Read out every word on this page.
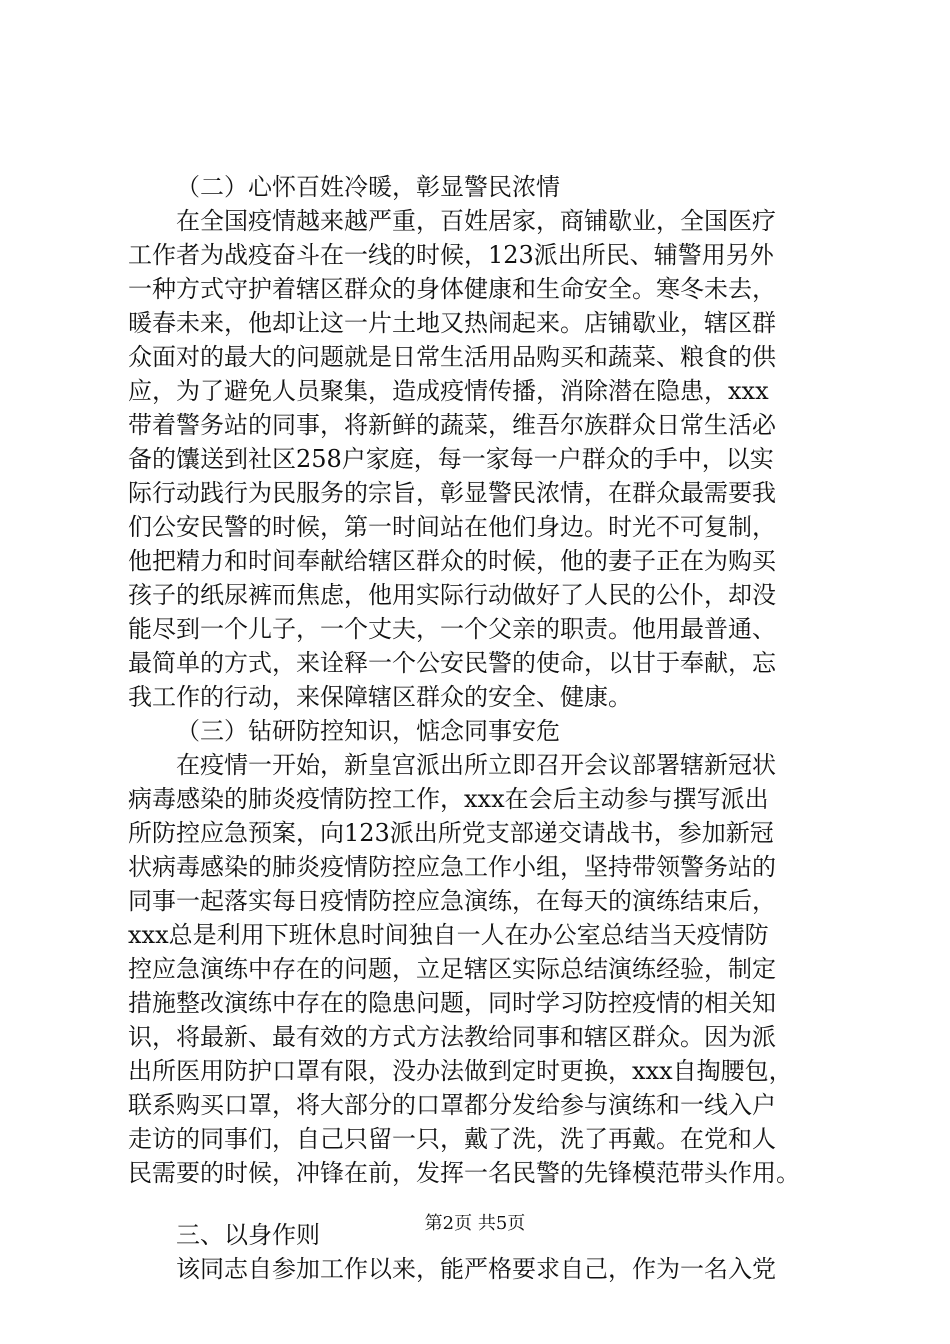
（二）心怀百姓冷暖，彰显警民浓情
在全国疫情越来越严重，百姓居家，商铺歇业，全国医疗
工作者为战疫奋斗在一线的时候，123派出所民、辅警用另外
一种方式守护着辖区群众的身体健康和生命安全。寒冬未去，
暖春未来，他却让这一片土地又热闹起来。店铺歇业，辖区群
众面对的最大的问题就是日常生活用品购买和蔬菜、粮食的供
应，为了避免人员聚集，造成疫情传播，消除潜在隐患，xxx
带着警务站的同事，将新鲜的蔬菜，维吾尔族群众日常生活必
备的馕送到社区258户家庭，每一家每一户群众的手中，以实
际行动践行为民服务的宗旨，彰显警民浓情，在群众最需要我
们公安民警的时候，第一时间站在他们身边。时光不可复制，
他把精力和时间奉献给辖区群众的时候，他的妻子正在为购买
孩子的纸尿裤而焦虑，他用实际行动做好了人民的公仆，却没
能尽到一个儿子，一个丈夫，一个父亲的职责。他用最普通、
最简单的方式，来诠释一个公安民警的使命，以甘于奉献，忘
我工作的行动，来保障辖区群众的安全、健康。
（三）钻研防控知识，惦念同事安危
在疫情一开始，新皇宫派出所立即召开会议部署辖新冠状
病毒感染的肺炎疫情防控工作，xxx在会后主动参与撰写派出
所防控应急预案，向123派出所党支部递交请战书，参加新冠
状病毒感染的肺炎疫情防控应急工作小组，坚持带领警务站的
同事一起落实每日疫情防控应急演练，在每天的演练结束后，
xxx总是利用下班休息时间独自一人在办公室总结当天疫情防
控应急演练中存在的问题，立足辖区实际总结演练经验，制定
措施整改演练中存在的隐患问题，同时学习防控疫情的相关知
识，将最新、最有效的方式方法教给同事和辖区群众。因为派
出所医用防护口罩有限，没办法做到定时更换，xxx自掏腰包，
联系购买口罩，将大部分的口罩都分发给参与演练和一线入户
走访的同事们，自己只留一只，戴了洗，洗了再戴。在党和人
民需要的时候，冲锋在前，发挥一名民警的先锋模范带头作用。
三、以身作则
该同志自参加工作以来，能严格要求自己，作为一名入党
第2页 共5页
